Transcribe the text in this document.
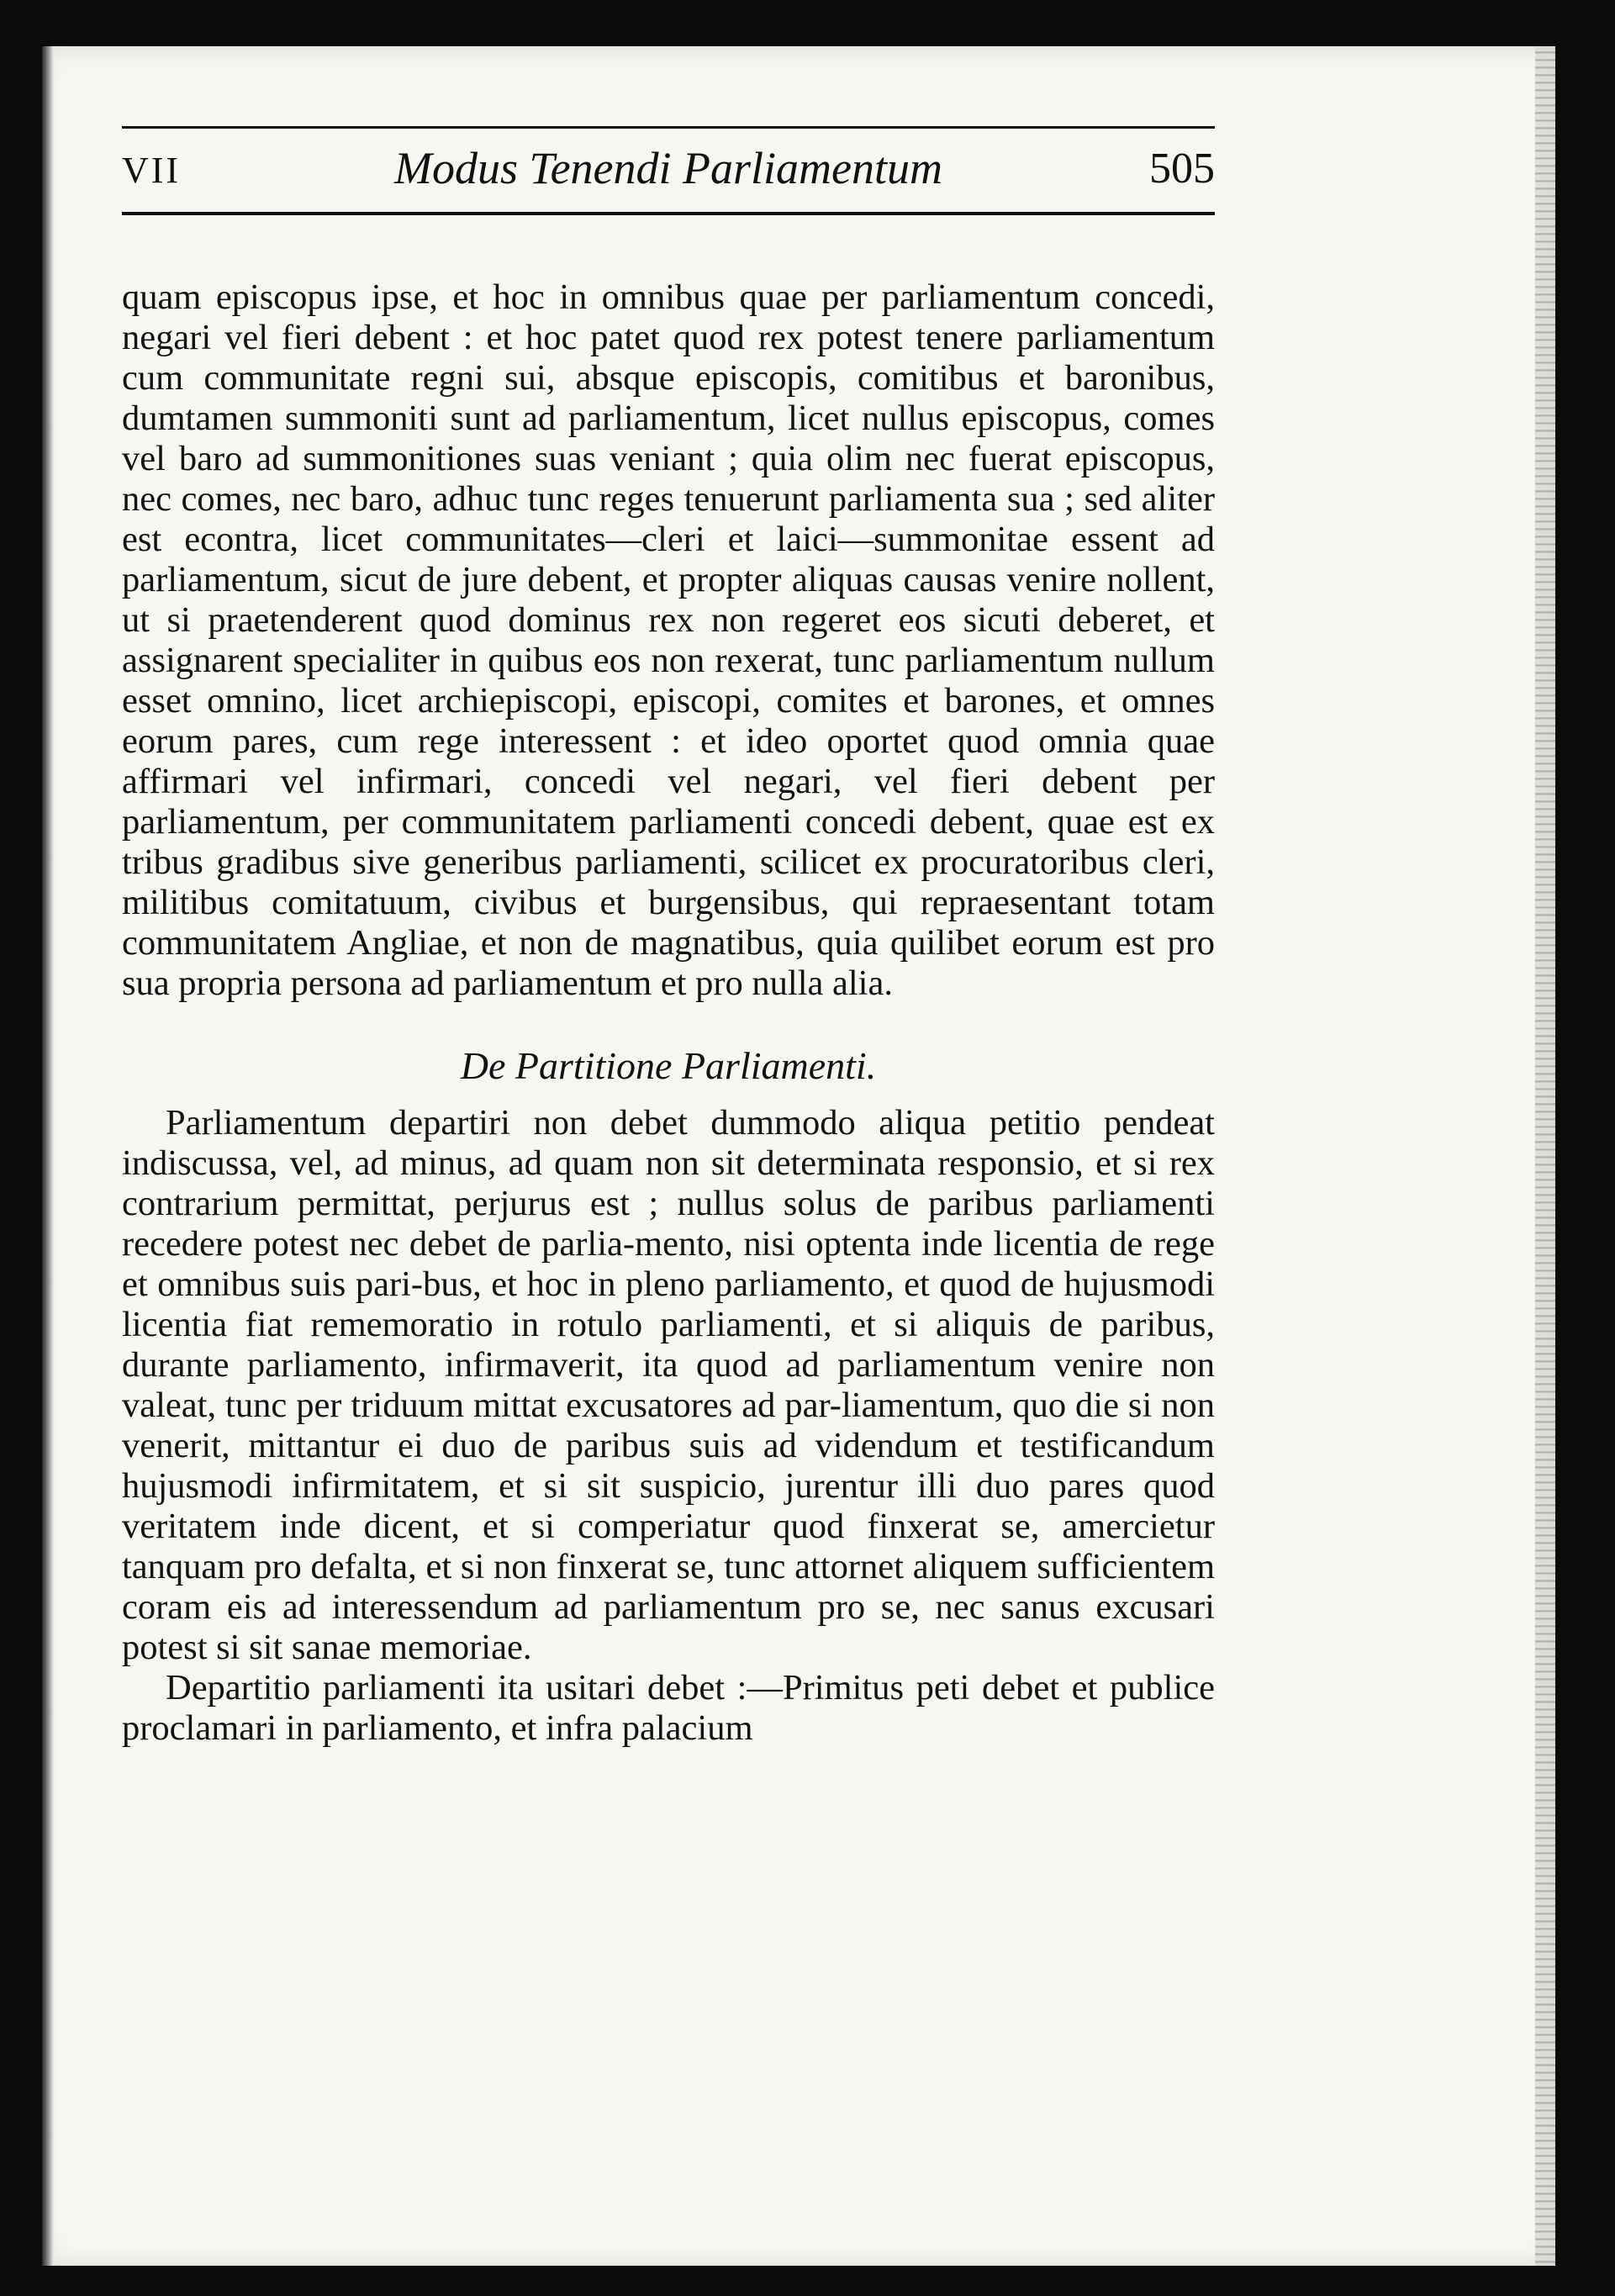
VII	Modus Tenendi Parliamentum	505

quam episcopus ipse, et hoc in omnibus quae per parliamentum concedi, negari vel fieri debent : et hoc patet quod rex potest tenere parliamentum cum communitate regni sui, absque episcopis, comitibus et baronibus, dumtamen summoniti sunt ad parliamentum, licet nullus episcopus, comes vel baro ad summonitiones suas veniant ; quia olim nec fuerat episcopus, nec comes, nec baro, adhuc tunc reges tenuerunt parliamenta sua ; sed aliter est econtra, licet communitates—cleri et laici—summonitae essent ad parliamentum, sicut de jure debent, et propter aliquas causas venire nollent, ut si praetenderent quod dominus rex non regeret eos sicuti deberet, et assignarent specialiter in quibus eos non rexerat, tunc parliamentum nullum esset omnino, licet archiepiscopi, episcopi, comites et barones, et omnes eorum pares, cum rege interessent : et ideo oportet quod omnia quae affirmari vel infirmari, concedi vel negari, vel fieri debent per parliamentum, per communitatem parliamenti concedi debent, quae est ex tribus gradibus sive generibus parliamenti, scilicet ex procuratoribus cleri, militibus comitatuum, civibus et burgensibus, qui repraesentant totam communitatem Angliae, et non de magnatibus, quia quilibet eorum est pro sua propria persona ad parliamentum et pro nulla alia.

De Partitione Parliamenti.

Parliamentum departiri non debet dummodo aliqua petitio pendeat indiscussa, vel, ad minus, ad quam non sit determinata responsio, et si rex contrarium permittat, perjurus est ; nullus solus de paribus parliamenti recedere potest nec debet de parlia-mento, nisi optenta inde licentia de rege et omnibus suis pari-bus, et hoc in pleno parliamento, et quod de hujusmodi licentia fiat rememoratio in rotulo parliamenti, et si aliquis de paribus, durante parliamento, infirmaverit, ita quod ad parliamentum venire non valeat, tunc per triduum mittat excusatores ad par-liamentum, quo die si non venerit, mittantur ei duo de paribus suis ad videndum et testificandum hujusmodi infirmitatem, et si sit suspicio, jurentur illi duo pares quod veritatem inde dicent, et si comperiatur quod finxerat se, amercietur tanquam pro defalta, et si non finxerat se, tunc attornet aliquem sufficientem coram eis ad interessendum ad parliamentum pro se, nec sanus excusari potest si sit sanae memoriae.

Departitio parliamenti ita usitari debet :—Primitus peti debet et publice proclamari in parliamento, et infra palacium
